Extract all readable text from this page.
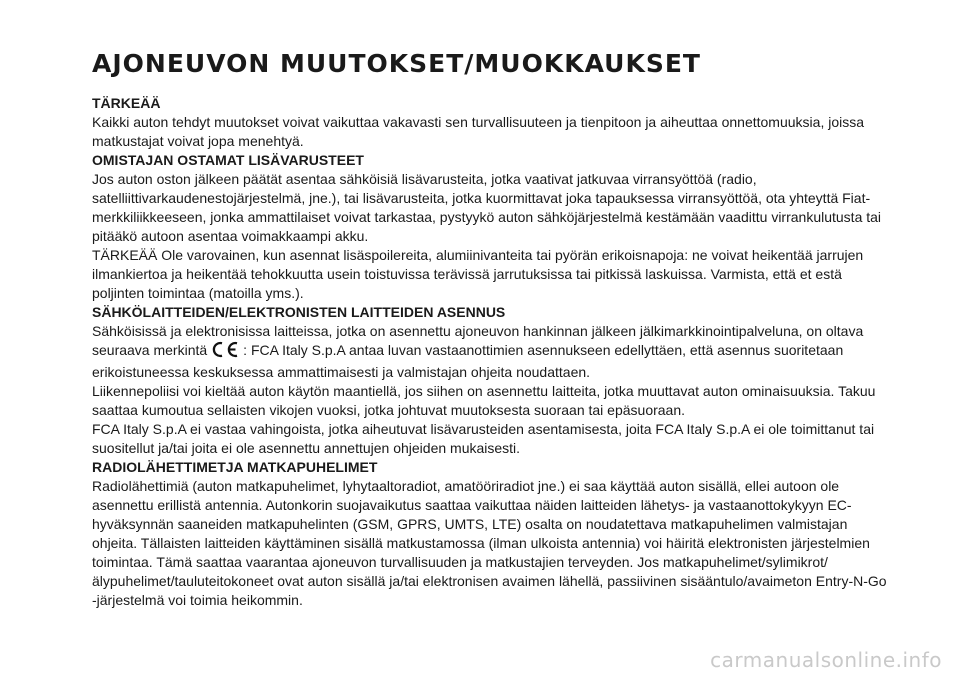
AJONEUVON MUUTOKSET/MUOKKAUKSET

TÄRKEÄÄ

Kaikki auton tehdyt muutokset voivat vaikuttaa vakavasti sen turvallisuuteen ja tienpitoon ja aiheuttaa onnettomuuksia, joissa matkustajat voivat jopa menehtyä.

OMISTAJAN OSTAMAT LISÄVARUSTEET

Jos auton oston jälkeen päätät asentaa sähköisiä lisävarusteita, jotka vaativat jatkuvaa virransyöttöä (radio, satelliittivarkaudenestojärjestelmä, jne.), tai lisävarusteita, jotka kuormittavat joka tapauksessa virransyöttöä, ota yhteyttä Fiat-merkkiliikkeeseen, jonka ammattilaiset voivat tarkastaa, pystyykö auton sähköjärjestelmä kestämään vaadittu virrankulutusta tai pitääkö autoon asentaa voimakkaampi akku.

TÄRKEÄÄ Ole varovainen, kun asennat lisäspoilereita, alumiinivanteita tai pyörän erikoisnapoja: ne voivat heikentää jarrujen ilmankiertoa ja heikentää tehokkuutta usein toistuvissa terävissä jarrutuksissa tai pitkissä laskuissa. Varmista, että et estä poljinten toimintaa (matoilla yms.).

SÄHKÖLAITTEIDEN/ELEKTRONISTEN LAITTEIDEN ASENNUS

Sähköisissä ja elektronisissa laitteissa, jotka on asennettu ajoneuvon hankinnan jälkeen jälkimarkkinointipalveluna, on oltava seuraava merkintä	: FCA Italy S.p.A antaa luvan vastaanottimien asennukseen edellyttäen, että asennus suoritetaan erikoistuneessa keskuksessa ammattimaisesti ja valmistajan ohjeita noudattaen.

Liikennepoliisi voi kieltää auton käytön maantiellä, jos siihen on asennettu laitteita, jotka muuttavat auton ominaisuuksia. Takuu saattaa kumoutua sellaisten vikojen vuoksi, jotka johtuvat muutoksesta suoraan tai epäsuoraan.

FCA Italy S.p.A ei vastaa vahingoista, jotka aiheutuvat lisävarusteiden asentamisesta, joita FCA Italy S.p.A ei ole toimittanut tai suositellut ja/tai joita ei ole asennettu annettujen ohjeiden mukaisesti.

RADIOLÄHETTIMETJA MATKAPUHELIMET

Radiolähettimiä (auton matkapuhelimet, lyhytaaltoradiot, amatööriradiot jne.) ei saa käyttää auton sisällä, ellei autoon ole asennettu erillistä antennia. Autonkorin suojavaikutus saattaa vaikuttaa näiden laitteiden lähetys- ja vastaanottokykyyn EC-hyväksynnän saaneiden matkapuhelinten (GSM, GPRS, UMTS, LTE) osalta on noudatettava matkapuhelimen valmistajan ohjeita. Tällaisten laitteiden käyttäminen sisällä matkustamossa (ilman ulkoista antennia) voi häiritä elektronisten järjestelmien toimintaa. Tämä saattaa vaarantaa ajoneuvon turvallisuuden ja matkustajien terveyden. Jos matkapuhelimet/sylimikrot/älypuhelimet/tauluteitokoneet ovat auton sisällä ja/tai elektronisen avaimen lähellä, passiivinen sisääntulo/avaimeton Entry-N-Go -järjestelmä voi toimia heikommin.

carmanualsonline.info
